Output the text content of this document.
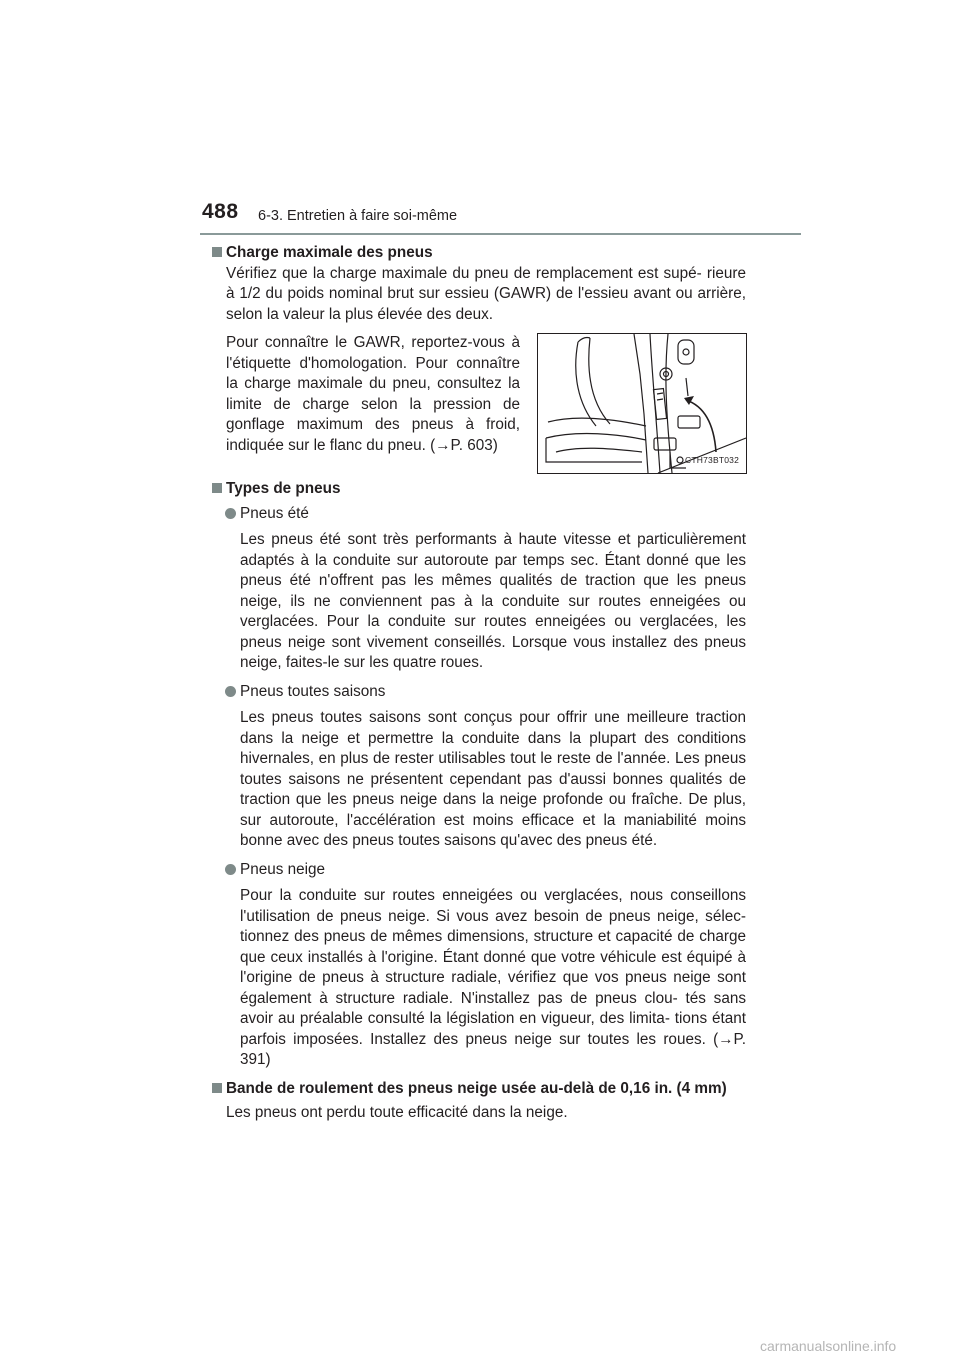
488 6-3. Entretien à faire soi-même

Charge maximale des pneus

Vérifiez que la charge maximale du pneu de remplacement est supé- rieure à 1/2 du poids nominal brut sur essieu (GAWR) de l'essieu avant ou arrière, selon la valeur la plus élevée des deux.

Pour connaître le GAWR, reportez-vous à l'étiquette d'homologation. Pour connaître la charge maximale du pneu, consultez la limite de charge selon la pression de gonflage maximum des pneus à froid, indiquée sur le flanc du pneu. (→P. 603)
CTH73BT032

Types de pneus

Pneus été

Les pneus été sont très performants à haute vitesse et particulièrement adaptés à la conduite sur autoroute par temps sec. Étant donné que les pneus été n'offrent pas les mêmes qualités de traction que les pneus neige, ils ne conviennent pas à la conduite sur routes enneigées ou verglacées. Pour la conduite sur routes enneigées ou verglacées, les pneus neige sont vivement conseillés. Lorsque vous installez des pneus neige, faites-le sur les quatre roues.

Pneus toutes saisons

Les pneus toutes saisons sont conçus pour offrir une meilleure traction dans la neige et permettre la conduite dans la plupart des conditions hivernales, en plus de rester utilisables tout le reste de l'année. Les pneus toutes saisons ne présentent cependant pas d'aussi bonnes qualités de traction que les pneus neige dans la neige profonde ou fraîche. De plus, sur autoroute, l'accélération est moins efficace et la maniabilité moins bonne avec des pneus toutes saisons qu'avec des pneus été.

Pneus neige

Pour la conduite sur routes enneigées ou verglacées, nous conseillons l'utilisation de pneus neige. Si vous avez besoin de pneus neige, sélec- tionnez des pneus de mêmes dimensions, structure et capacité de charge que ceux installés à l'origine. Étant donné que votre véhicule est équipé à l'origine de pneus à structure radiale, vérifiez que vos pneus neige sont également à structure radiale. N'installez pas de pneus clou- tés sans avoir au préalable consulté la législation en vigueur, des limita- tions étant parfois imposées. Installez des pneus neige sur toutes les roues. (→P. 391)

Bande de roulement des pneus neige usée au-delà de 0,16 in. (4 mm)

Les pneus ont perdu toute efficacité dans la neige.

carmanualsonline.info
